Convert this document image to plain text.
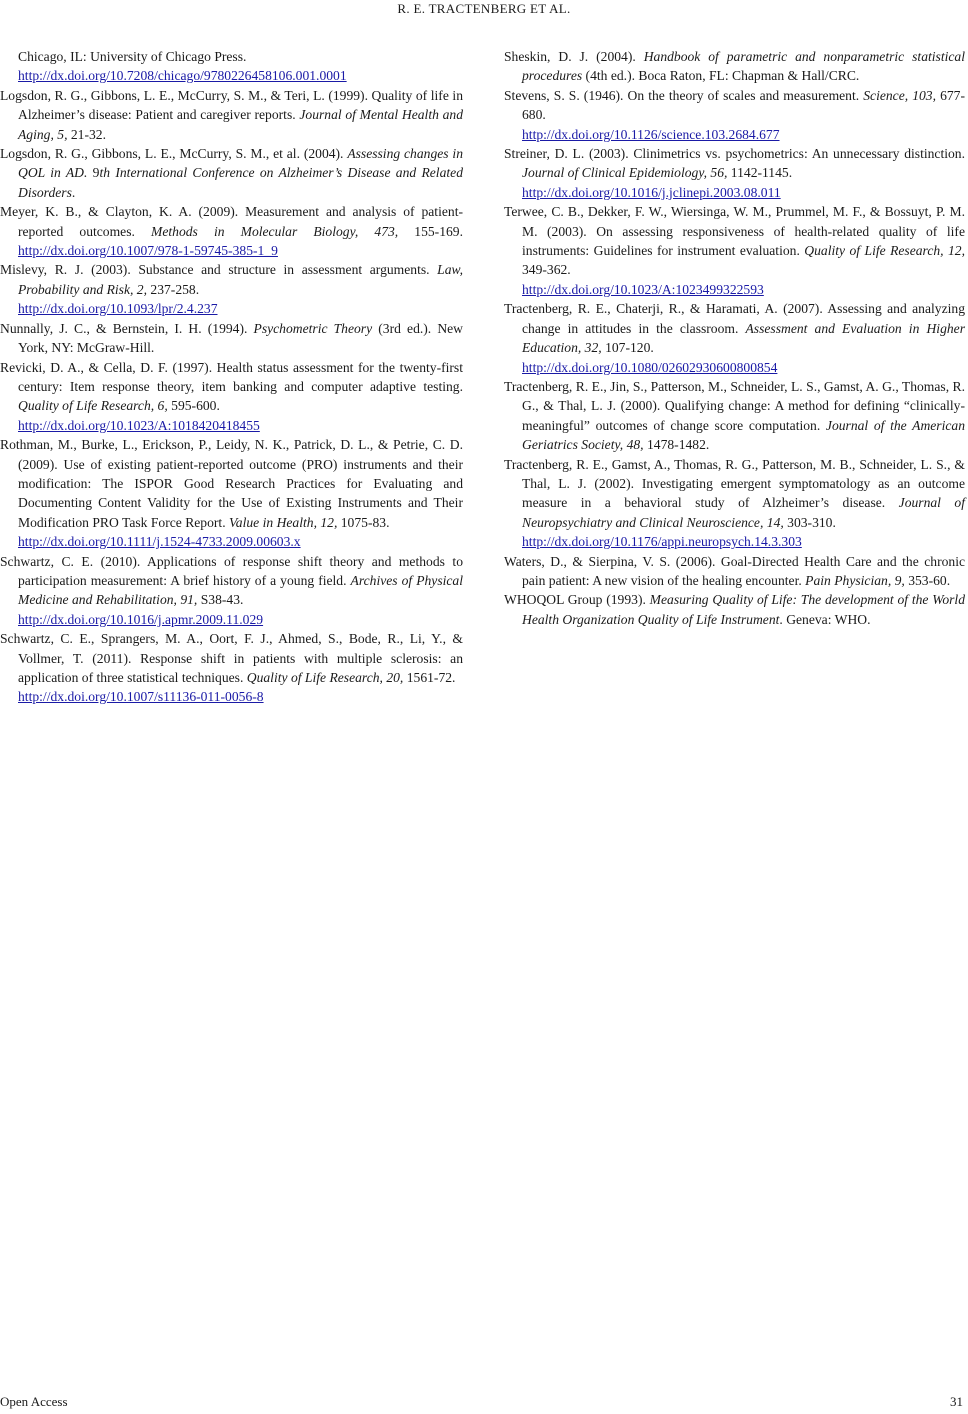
R. E. TRACTENBERG ET AL.

Chicago, IL: University of Chicago Press.
http://dx.doi.org/10.7208/chicago/9780226458106.001.0001

Logsdon, R. G., Gibbons, L. E., McCurry, S. M., & Teri, L. (1999). Quality of life in Alzheimer’s disease: Patient and caregiver reports. Journal of Mental Health and Aging, 5, 21-32.

Logsdon, R. G., Gibbons, L. E., McCurry, S. M., et al. (2004). Assessing changes in QOL in AD. 9th International Conference on Alzheimer’s Disease and Related Disorders.

Meyer, K. B., & Clayton, K. A. (2009). Measurement and analysis of patient-reported outcomes. Methods in Molecular Biology, 473, 155-169. http://dx.doi.org/10.1007/978-1-59745-385-1_9

Mislevy, R. J. (2003). Substance and structure in assessment arguments. Law, Probability and Risk, 2, 237-258.
http://dx.doi.org/10.1093/lpr/2.4.237

Nunnally, J. C., & Bernstein, I. H. (1994). Psychometric Theory (3rd ed.). New York, NY: McGraw-Hill.

Revicki, D. A., & Cella, D. F. (1997). Health status assessment for the twenty-first century: Item response theory, item banking and computer adaptive testing. Quality of Life Research, 6, 595-600.
http://dx.doi.org/10.1023/A:1018420418455

Rothman, M., Burke, L., Erickson, P., Leidy, N. K., Patrick, D. L., & Petrie, C. D. (2009). Use of existing patient-reported outcome (PRO) instruments and their modification: The ISPOR Good Research Practices for Evaluating and Documenting Content Validity for the Use of Existing Instruments and Their Modification PRO Task Force Report. Value in Health, 12, 1075-83.
http://dx.doi.org/10.1111/j.1524-4733.2009.00603.x

Schwartz, C. E. (2010). Applications of response shift theory and methods to participation measurement: A brief history of a young field. Archives of Physical Medicine and Rehabilitation, 91, S38-43.
http://dx.doi.org/10.1016/j.apmr.2009.11.029

Schwartz, C. E., Sprangers, M. A., Oort, F. J., Ahmed, S., Bode, R., Li, Y., & Vollmer, T. (2011). Response shift in patients with multiple sclerosis: an application of three statistical techniques. Quality of Life Research, 20, 1561-72.
http://dx.doi.org/10.1007/s11136-011-0056-8

Sheskin, D. J. (2004). Handbook of parametric and nonparametric statistical procedures (4th ed.). Boca Raton, FL: Chapman & Hall/CRC.

Stevens, S. S. (1946). On the theory of scales and measurement. Science, 103, 677-680.
http://dx.doi.org/10.1126/science.103.2684.677

Streiner, D. L. (2003). Clinimetrics vs. psychometrics: An unnecessary distinction. Journal of Clinical Epidemiology, 56, 1142-1145.
http://dx.doi.org/10.1016/j.jclinepi.2003.08.011

Terwee, C. B., Dekker, F. W., Wiersinga, W. M., Prummel, M. F., & Bossuyt, P. M. M. (2003). On assessing responsiveness of health-related quality of life instruments: Guidelines for instrument evaluation. Quality of Life Research, 12, 349-362.
http://dx.doi.org/10.1023/A:1023499322593

Tractenberg, R. E., Chaterji, R., & Haramati, A. (2007). Assessing and analyzing change in attitudes in the classroom. Assessment and Evaluation in Higher Education, 32, 107-120.
http://dx.doi.org/10.1080/02602930600800854

Tractenberg, R. E., Jin, S., Patterson, M., Schneider, L. S., Gamst, A. G., Thomas, R. G., & Thal, L. J. (2000). Qualifying change: A method for defining “clinically-meaningful” outcomes of change score computation. Journal of the American Geriatrics Society, 48, 1478-1482.

Tractenberg, R. E., Gamst, A., Thomas, R. G., Patterson, M. B., Schneider, L. S., & Thal, L. J. (2002). Investigating emergent symptomatology as an outcome measure in a behavioral study of Alzheimer’s disease. Journal of Neuropsychiatry and Clinical Neuroscience, 14, 303-310.
http://dx.doi.org/10.1176/appi.neuropsych.14.3.303

Waters, D., & Sierpina, V. S. (2006). Goal-Directed Health Care and the chronic pain patient: A new vision of the healing encounter. Pain Physician, 9, 353-60.

WHOQOL Group (1993). Measuring Quality of Life: The development of the World Health Organization Quality of Life Instrument. Geneva: WHO.

Open Access	31
